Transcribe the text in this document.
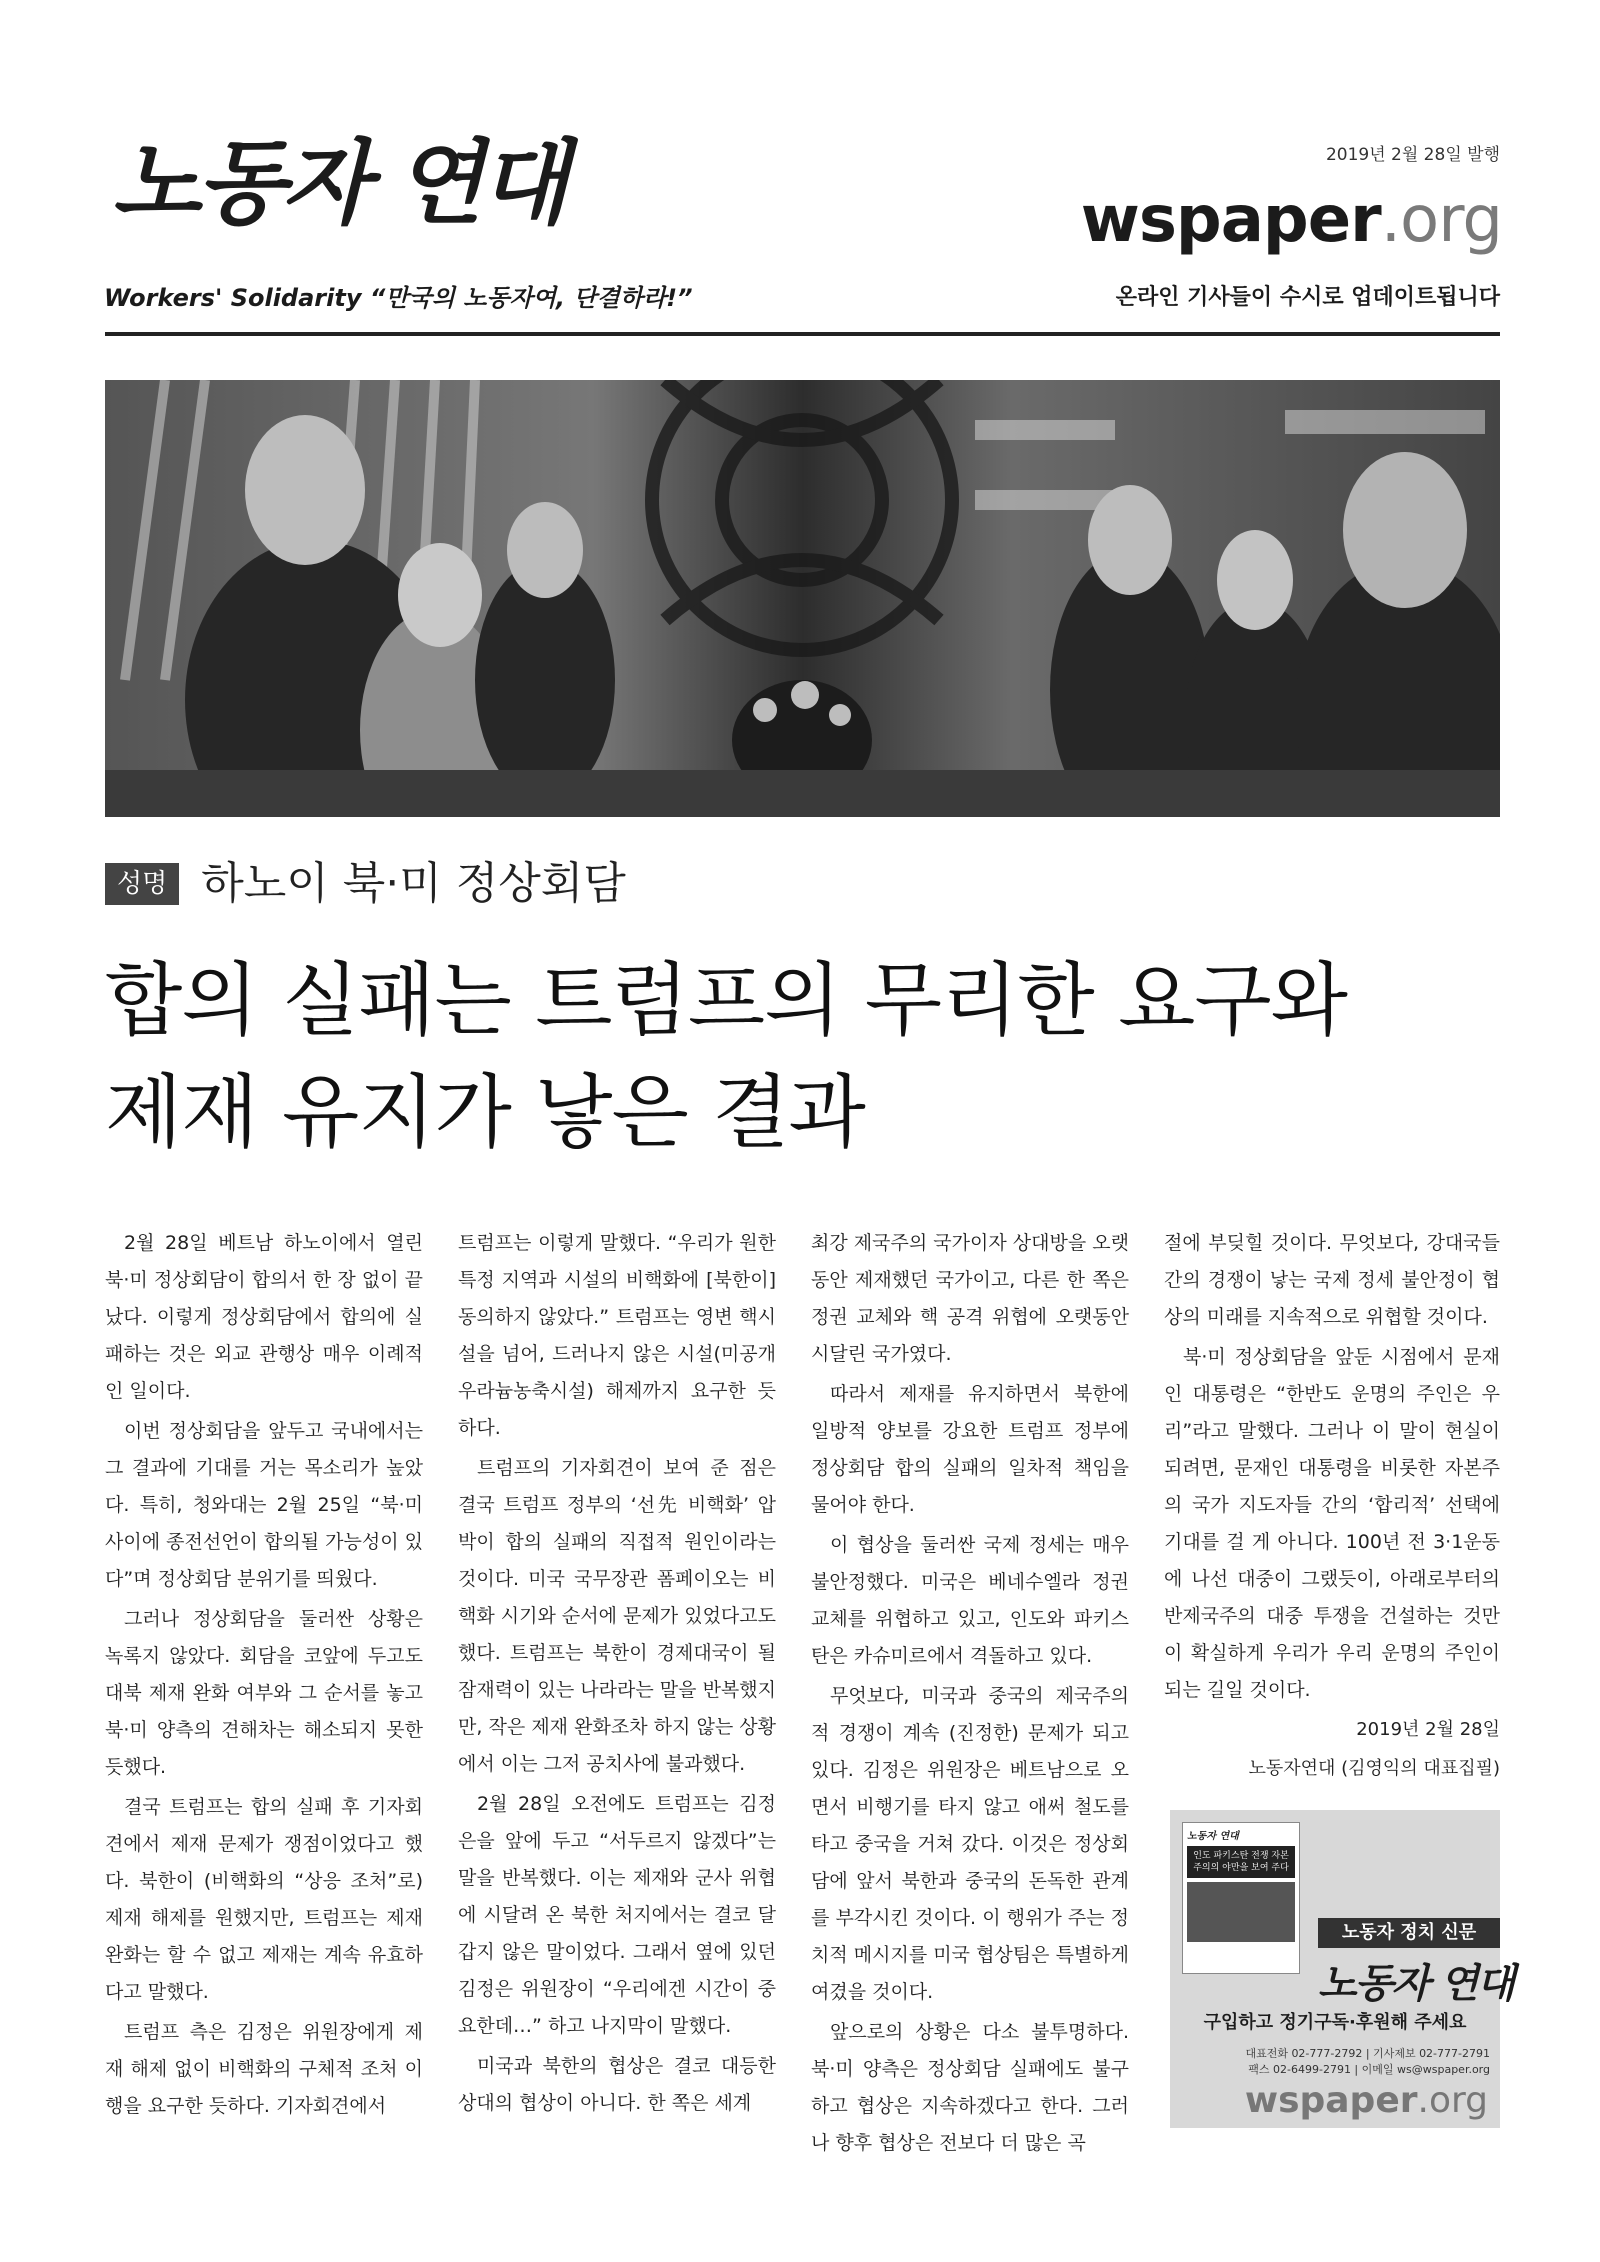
노동자 연대
Workers' Solidarity “만국의 노동자여, 단결하라!”
2019년 2월 28일 발행
wspaper.org
온라인 기사들이 수시로 업데이트됩니다
성명 하노이 북·미 정상회담
합의 실패는 트럼프의 무리한 요구와
제재 유지가 낳은 결과

2월 28일 베트남 하노이에서 열린 북·미 정상회담이 합의서 한 장 없이 끝났다. 이렇게 정상회담에서 합의에 실패하는 것은 외교 관행상 매우 이례적인 일이다.

이번 정상회담을 앞두고 국내에서는 그 결과에 기대를 거는 목소리가 높았다. 특히, 청와대는 2월 25일 “북·미 사이에 종전선언이 합의될 가능성이 있다”며 정상회담 분위기를 띄웠다.

그러나 정상회담을 둘러싼 상황은 녹록지 않았다. 회담을 코앞에 두고도 대북 제재 완화 여부와 그 순서를 놓고 북·미 양측의 견해차는 해소되지 못한 듯했다.

결국 트럼프는 합의 실패 후 기자회견에서 제재 문제가 쟁점이었다고 했다. 북한이 (비핵화의 “상응 조처”로) 제재 해제를 원했지만, 트럼프는 제재 완화는 할 수 없고 제재는 계속 유효하다고 말했다.

트럼프 측은 김정은 위원장에게 제재 해제 없이 비핵화의 구체적 조처 이행을 요구한 듯하다. 기자회견에서

트럼프는 이렇게 말했다. “우리가 원한 특정 지역과 시설의 비핵화에 [북한이] 동의하지 않았다.” 트럼프는 영변 핵시설을 넘어, 드러나지 않은 시설(미공개 우라늄농축시설) 해제까지 요구한 듯하다.

트럼프의 기자회견이 보여 준 점은 결국 트럼프 정부의 ‘선先 비핵화’ 압박이 합의 실패의 직접적 원인이라는 것이다. 미국 국무장관 폼페이오는 비핵화 시기와 순서에 문제가 있었다고도 했다. 트럼프는 북한이 경제대국이 될 잠재력이 있는 나라라는 말을 반복했지만, 작은 제재 완화조차 하지 않는 상황에서 이는 그저 공치사에 불과했다.

2월 28일 오전에도 트럼프는 김정은을 앞에 두고 “서두르지 않겠다”는 말을 반복했다. 이는 제재와 군사 위협에 시달려 온 북한 처지에서는 결코 달갑지 않은 말이었다. 그래서 옆에 있던 김정은 위원장이 “우리에겐 시간이 중요한데…” 하고 나지막이 말했다.

미국과 북한의 협상은 결코 대등한 상대의 협상이 아니다. 한 쪽은 세계

최강 제국주의 국가이자 상대방을 오랫동안 제재했던 국가이고, 다른 한 쪽은 정권 교체와 핵 공격 위협에 오랫동안 시달린 국가였다.

따라서 제재를 유지하면서 북한에 일방적 양보를 강요한 트럼프 정부에 정상회담 합의 실패의 일차적 책임을 물어야 한다.

이 협상을 둘러싼 국제 정세는 매우 불안정했다. 미국은 베네수엘라 정권 교체를 위협하고 있고, 인도와 파키스탄은 카슈미르에서 격돌하고 있다.

무엇보다, 미국과 중국의 제국주의적 경쟁이 계속 (진정한) 문제가 되고 있다. 김정은 위원장은 베트남으로 오면서 비행기를 타지 않고 애써 철도를 타고 중국을 거쳐 갔다. 이것은 정상회담에 앞서 북한과 중국의 돈독한 관계를 부각시킨 것이다. 이 행위가 주는 정치적 메시지를 미국 협상팀은 특별하게 여겼을 것이다.

앞으로의 상황은 다소 불투명하다. 북·미 양측은 정상회담 실패에도 불구하고 협상은 지속하겠다고 한다. 그러나 향후 협상은 전보다 더 많은 곡

절에 부딪힐 것이다. 무엇보다, 강대국들 간의 경쟁이 낳는 국제 정세 불안정이 협상의 미래를 지속적으로 위협할 것이다.

북·미 정상회담을 앞둔 시점에서 문재인 대통령은 “한반도 운명의 주인은 우리”라고 말했다. 그러나 이 말이 현실이 되려면, 문재인 대통령을 비롯한 자본주의 국가 지도자들 간의 ‘합리적’ 선택에 기대를 걸 게 아니다. 100년 전 3·1운동에 나선 대중이 그랬듯이, 아래로부터의 반제국주의 대중 투쟁을 건설하는 것만이 확실하게 우리가 우리 운명의 주인이 되는 길일 것이다.

2019년 2월 28일

노동자연대 (김영익의 대표집필)

노동자 연대
인도 파키스탄 전쟁 자본주의의 야만을 보여 주다
노동자 정치 신문
노동자 연대
구입하고 정기구독·후원해 주세요
대표전화 02-777-2792 | 기사제보 02-777-2791
팩스 02-6499-2791 | 이메일 ws@wspaper.org
wspaper.org
